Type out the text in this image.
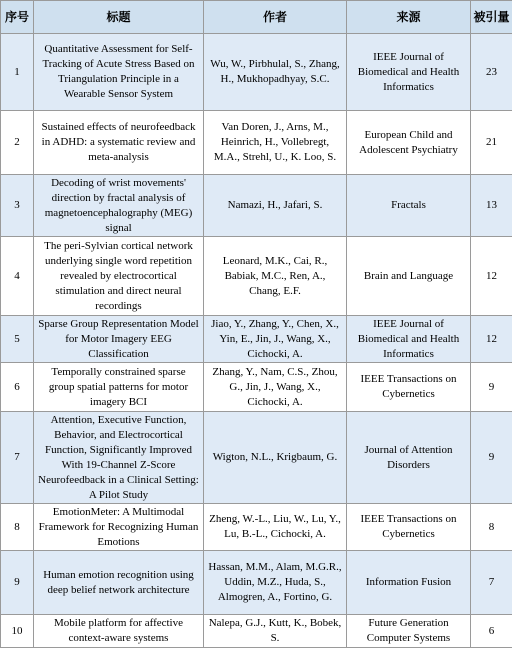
序号	标题	作者	来源	被引量
1	Quantitative Assessment for Self-Tracking of Acute Stress Based on Triangulation Principle in a Wearable Sensor System	Wu, W., Pirbhulal, S., Zhang, H., Mukhopadhyay, S.C.	IEEE Journal of Biomedical and Health Informatics	23
2	Sustained effects of neurofeedback in ADHD: a systematic review and meta-analysis	Van Doren, J., Arns, M., Heinrich, H., Vollebregt, M.A., Strehl, U., K. Loo, S.	European Child and Adolescent Psychiatry	21
3	Decoding of wrist movements' direction by fractal analysis of magnetoencephalography (MEG) signal	Namazi, H., Jafari, S.	Fractals	13
4	The peri-Sylvian cortical network underlying single word repetition revealed by electrocortical stimulation and direct neural recordings	Leonard, M.K., Cai, R., Babiak, M.C., Ren, A., Chang, E.F.	Brain and Language	12
5	Sparse Group Representation Model for Motor Imagery EEG Classification	Jiao, Y., Zhang, Y., Chen, X., Yin, E., Jin, J., Wang, X., Cichocki, A.	IEEE Journal of Biomedical and Health Informatics	12
6	Temporally constrained sparse group spatial patterns for motor imagery BCI	Zhang, Y., Nam, C.S., Zhou, G., Jin, J., Wang, X., Cichocki, A.	IEEE Transactions on Cybernetics	9
7	Attention, Executive Function, Behavior, and Electrocortical Function, Significantly Improved With 19-Channel Z-Score Neurofeedback in a Clinical Setting: A Pilot Study	Wigton, N.L., Krigbaum, G.	Journal of Attention Disorders	9
8	EmotionMeter: A Multimodal Framework for Recognizing Human Emotions	Zheng, W.-L., Liu, W., Lu, Y., Lu, B.-L., Cichocki, A.	IEEE Transactions on Cybernetics	8
9	Human emotion recognition using deep belief network architecture	Hassan, M.M., Alam, M.G.R., Uddin, M.Z., Huda, S., Almogren, A., Fortino, G.	Information Fusion	7
10	Mobile platform for affective context-aware systems	Nalepa, G.J., Kutt, K., Bobek, S.	Future Generation Computer Systems	6
